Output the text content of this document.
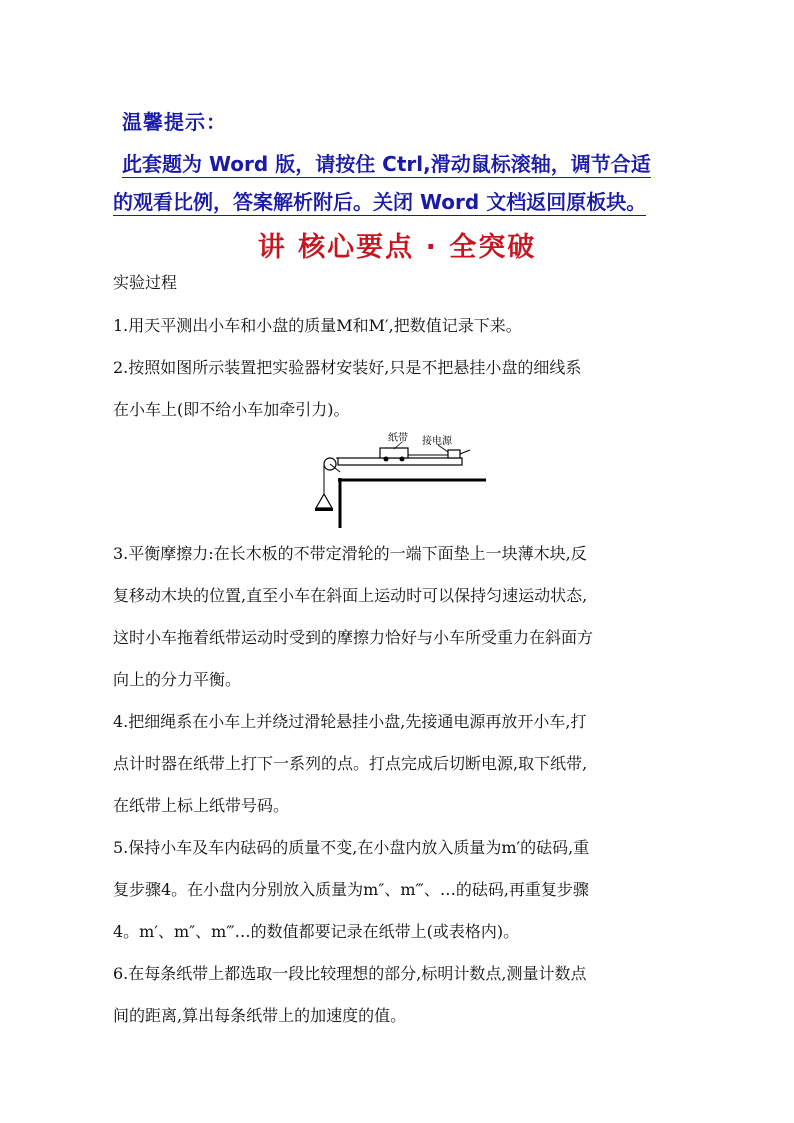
温馨提示：
此套题为 Word 版，请按住 Ctrl,滑动鼠标滚轴，调节合适
的观看比例，答案解析附后。关闭 Word 文档返回原板块。
讲 核心要点 · 全突破
实验过程
1.用天平测出小车和小盘的质量M和M′,把数值记录下来。
2.按照如图所示装置把实验器材安装好,只是不把悬挂小盘的细线系
在小车上(即不给小车加牵引力)。
纸带 接电源
3.平衡摩擦力:在长木板的不带定滑轮的一端下面垫上一块薄木块,反
复移动木块的位置,直至小车在斜面上运动时可以保持匀速运动状态,
这时小车拖着纸带运动时受到的摩擦力恰好与小车所受重力在斜面方
向上的分力平衡。
4.把细绳系在小车上并绕过滑轮悬挂小盘,先接通电源再放开小车,打
点计时器在纸带上打下一系列的点。打点完成后切断电源,取下纸带,
在纸带上标上纸带号码。
5.保持小车及车内砝码的质量不变,在小盘内放入质量为m′的砝码,重
复步骤4。在小盘内分别放入质量为m″、m‴、…的砝码,再重复步骤
4。m′、m″、m‴…的数值都要记录在纸带上(或表格内)。
6.在每条纸带上都选取一段比较理想的部分,标明计数点,测量计数点
间的距离,算出每条纸带上的加速度的值。
